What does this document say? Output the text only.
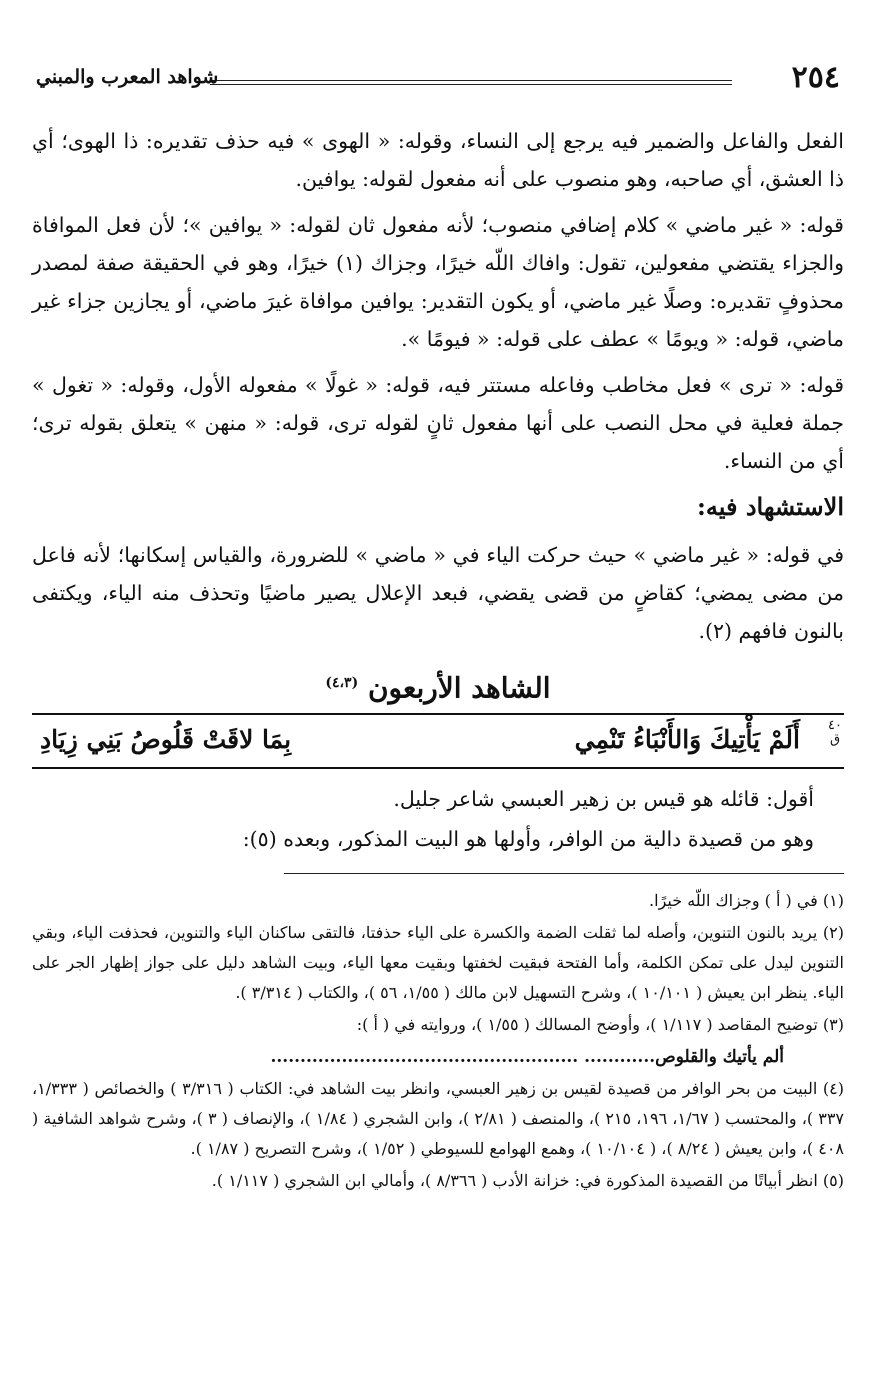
٢٥٤
شواهد المعرب والمبني

الفعل والفاعل والضمير فيه يرجع إلى النساء، وقوله: « الهوى » فيه حذف تقديره: ذا الهوى؛ أي ذا العشق، أي صاحبه، وهو منصوب على أنه مفعول لقوله: يوافين.

قوله: « غير ماضي » كلام إضافي منصوب؛ لأنه مفعول ثان لقوله: « يوافين »؛ لأن فعل الموافاة والجزاء يقتضي مفعولين، تقول: وافاك اللّه خيرًا، وجزاك (١) خيرًا، وهو في الحقيقة صفة لمصدر محذوفٍ تقديره: وصلًا غير ماضي، أو يكون التقدير: يوافين موافاة غيرَ ماضي، أو يجازين جزاء غير ماضي، قوله: « ويومًا » عطف على قوله: « فيومًا ».

قوله: « ترى » فعل مخاطب وفاعله مستتر فيه، قوله: « غولًا » مفعوله الأول، وقوله: « تغول » جملة فعلية في محل النصب على أنها مفعول ثانٍ لقوله ترى، قوله: « منهن » يتعلق بقوله ترى؛ أي من النساء.

الاستشهاد فيه:

في قوله: « غير ماضي » حيث حركت الياء في « ماضي » للضرورة، والقياس إسكانها؛ لأنه فاعل من مضى يمضي؛ كقاضٍ من قضى يقضي، فبعد الإعلال يصير ماضيًا وتحذف منه الياء، ويكتفى بالنون فافهم (٢).

الشاهد الأربعون $^{(٤،٣)}$
٤٠
ق
أَلَمْ يَأْتِيكَ وَالأَنْبَاءُ تَنْمِي
بِمَا لاقَتْ قَلُوصُ بَنِي زِيَادِ
أقول: قائله هو قيس بن زهير العبسي شاعر جليل.
وهو من قصيدة دالية من الوافر، وأولها هو البيت المذكور، وبعده (٥):

(١) في ( أ ) وجزاك اللّه خيرًا.

(٢) يريد بالنون التنوين، وأصله لما ثقلت الضمة والكسرة على الياء حذفتا، فالتقى ساكنان الياء والتنوين، فحذفت الياء، وبقي التنوين ليدل على تمكن الكلمة، وأما الفتحة فبقيت لخفتها وبقيت معها الياء، وبيت الشاهد دليل على جواز إظهار الجر على الياء. ينظر ابن يعيش ( ١٠/١٠١ )، وشرح التسهيل لابن مالك ( ١/٥٥، ٥٦ )، والكتاب ( ٣/٣١٤ ).

(٣) توضيح المقاصد ( ١/١١٧ )، وأوضح المسالك ( ١/٥٥ )، وروايته في ( أ ):

ألم يأتيك والقلوص............ ....................................................

(٤) البيت من بحر الوافر من قصيدة لقيس بن زهير العبسي، وانظر بيت الشاهد في: الكتاب ( ٣/٣١٦ ) والخصائص ( ١/٣٣٣، ٣٣٧ )، والمحتسب ( ١/٦٧، ١٩٦، ٢١٥ )، والمنصف ( ٢/٨١ )، وابن الشجري ( ١/٨٤ )، والإنصاف ( ٣ )، وشرح شواهد الشافية ( ٤٠٨ )، وابن يعيش ( ٨/٢٤ )، ( ١٠/١٠٤ )، وهمع الهوامع للسيوطي ( ١/٥٢ )، وشرح التصريح ( ١/٨٧ ).

(٥) انظر أبياتًا من القصيدة المذكورة في: خزانة الأدب ( ٨/٣٦٦ )، وأمالي ابن الشجري ( ١/١١٧ ).
